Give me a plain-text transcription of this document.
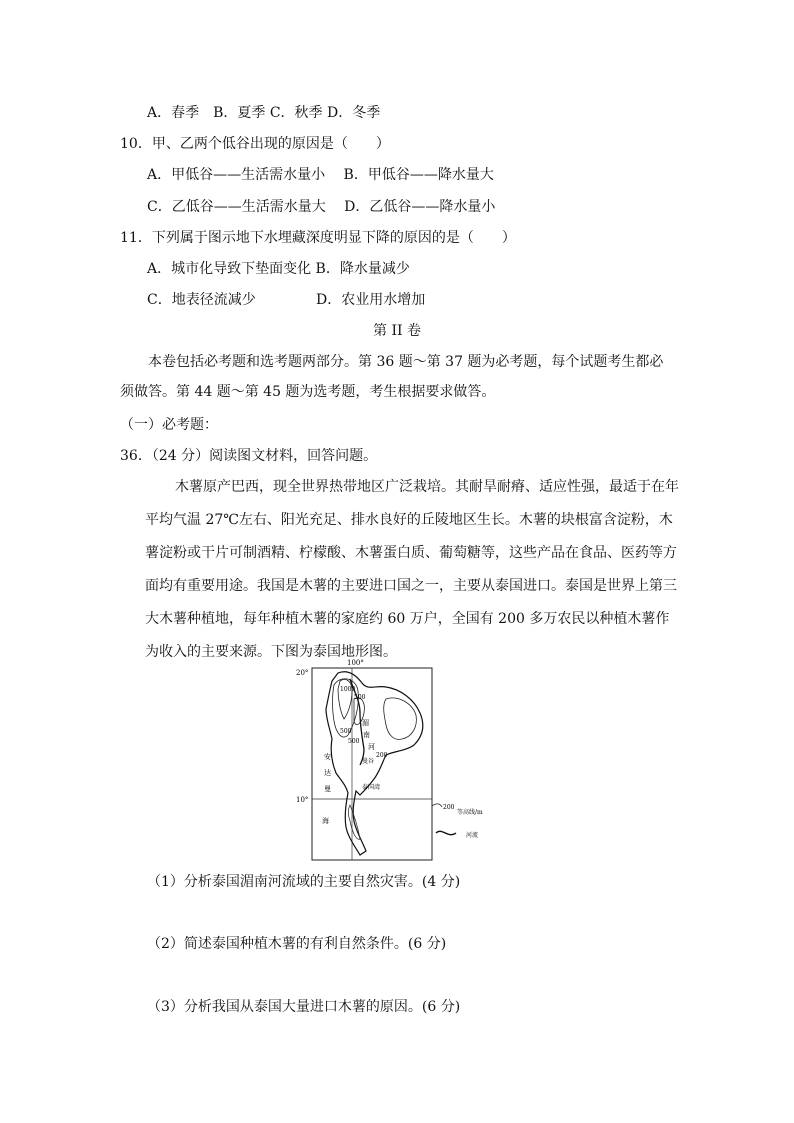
A．春季　B．夏季 C．秋季 D．冬季
10．甲、乙两个低谷出现的原因是（　　）
A．甲低谷——生活需水量小　 B．甲低谷——降水量大
C．乙低谷——生活需水量大　 D．乙低谷——降水量小
11．下列属于图示地下水埋藏深度明显下降的原因的是（　　）
A．城市化导致下垫面变化 B．降水量减少
C．地表径流减少	D．农业用水增加
第 II 卷
本卷包括必考题和选考题两部分。第 36 题～第 37 题为必考题，每个试题考生都必须做答。第 44 题～第 45 题为选考题，考生根据要求做答。
（一）必考题：
36．（24 分）阅读图文材料，回答问题。
木薯原产巴西，现全世界热带地区广泛栽培。其耐旱耐瘠、适应性强，最适于在年平均气温 27℃左右、阳光充足、排水良好的丘陵地区生长。木薯的块根富含淀粉，木薯淀粉或干片可制酒精、柠檬酸、木薯蛋白质、葡萄糖等，这些产品在食品、医药等方面均有重要用途。我国是木薯的主要进口国之一，主要从泰国进口。泰国是世界上第三大木薯种植地，每年种植木薯的家庭约 60 万户，全国有 200 多万农民以种植木薯作为收入的主要来源。下图为泰国地形图。
100°
20°
10°
1000
500
500
500
200
湄
南
河
曼谷
安
达
曼
海
泰国湾
200
等高线/m
河流
（1）分析泰国湄南河流域的主要自然灾害。(4 分)
（2）简述泰国种植木薯的有利自然条件。(6 分)
（3）分析我国从泰国大量进口木薯的原因。(6 分)
